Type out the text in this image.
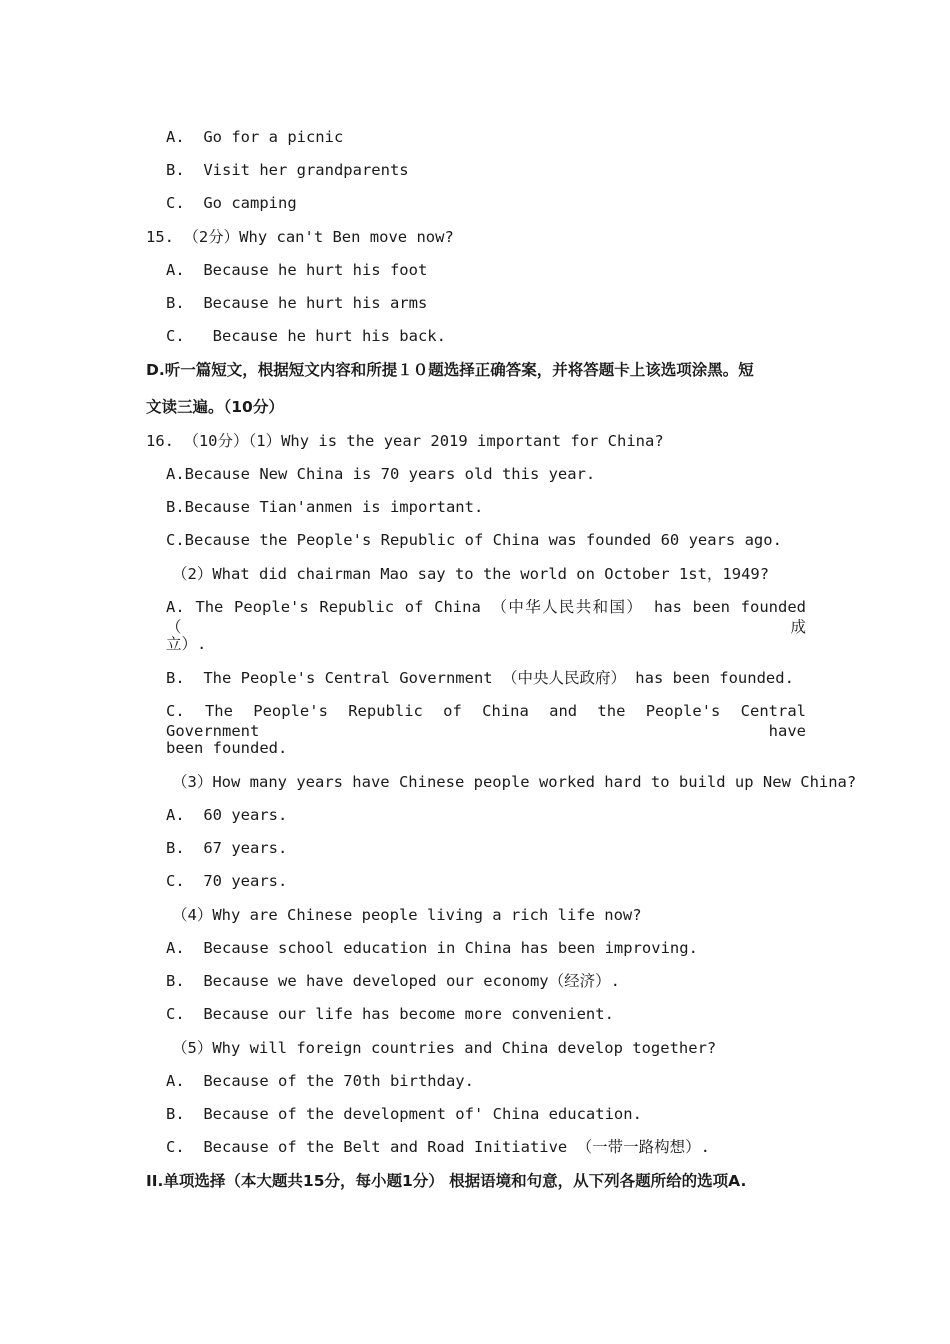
A.  Go for a picnic
B.  Visit her grandparents
C.  Go camping
15. （2分）Why can't Ben move now?
A.  Because he hurt his foot
B.  Because he hurt his arms
C.   Because he hurt his back.
D.听一篇短文，根据短文内容和所提１０题选择正确答案，并将答题卡上该选项涂黑。短
文读三遍。（10分）
16. （10分）（1）Why is the year 2019 important for China?
A.Because New China is 70 years old this year.
B.Because Tian'anmen is important.
C.Because the People's Republic of China was founded 60 years ago.
（2）What did chairman Mao say to the world on October 1st，1949?
A. The People's Republic of China （中华人民共和国） has been founded （成
立）.
B.  The People's Central Government （中央人民政府） has been founded.
C. The People's Republic of China and the People's Central Government have
been founded.
（3）How many years have Chinese people worked hard to build up New China?
A.  60 years.
B.  67 years.
C.  70 years.
（4）Why are Chinese people living a rich life now?
A.  Because school education in China has been improving.
B.  Because we have developed our economy（经济）.
C.  Because our life has become more convenient.
（5）Why will foreign countries and China develop together?
A.  Because of the 70th birthday.
B.  Because of the development of' China education.
C.  Because of the Belt and Road Initiative （一带一路构想）.
II.单项选择（本大题共15分，每小题1分） 根据语境和句意，从下列各题所给的选项A.
